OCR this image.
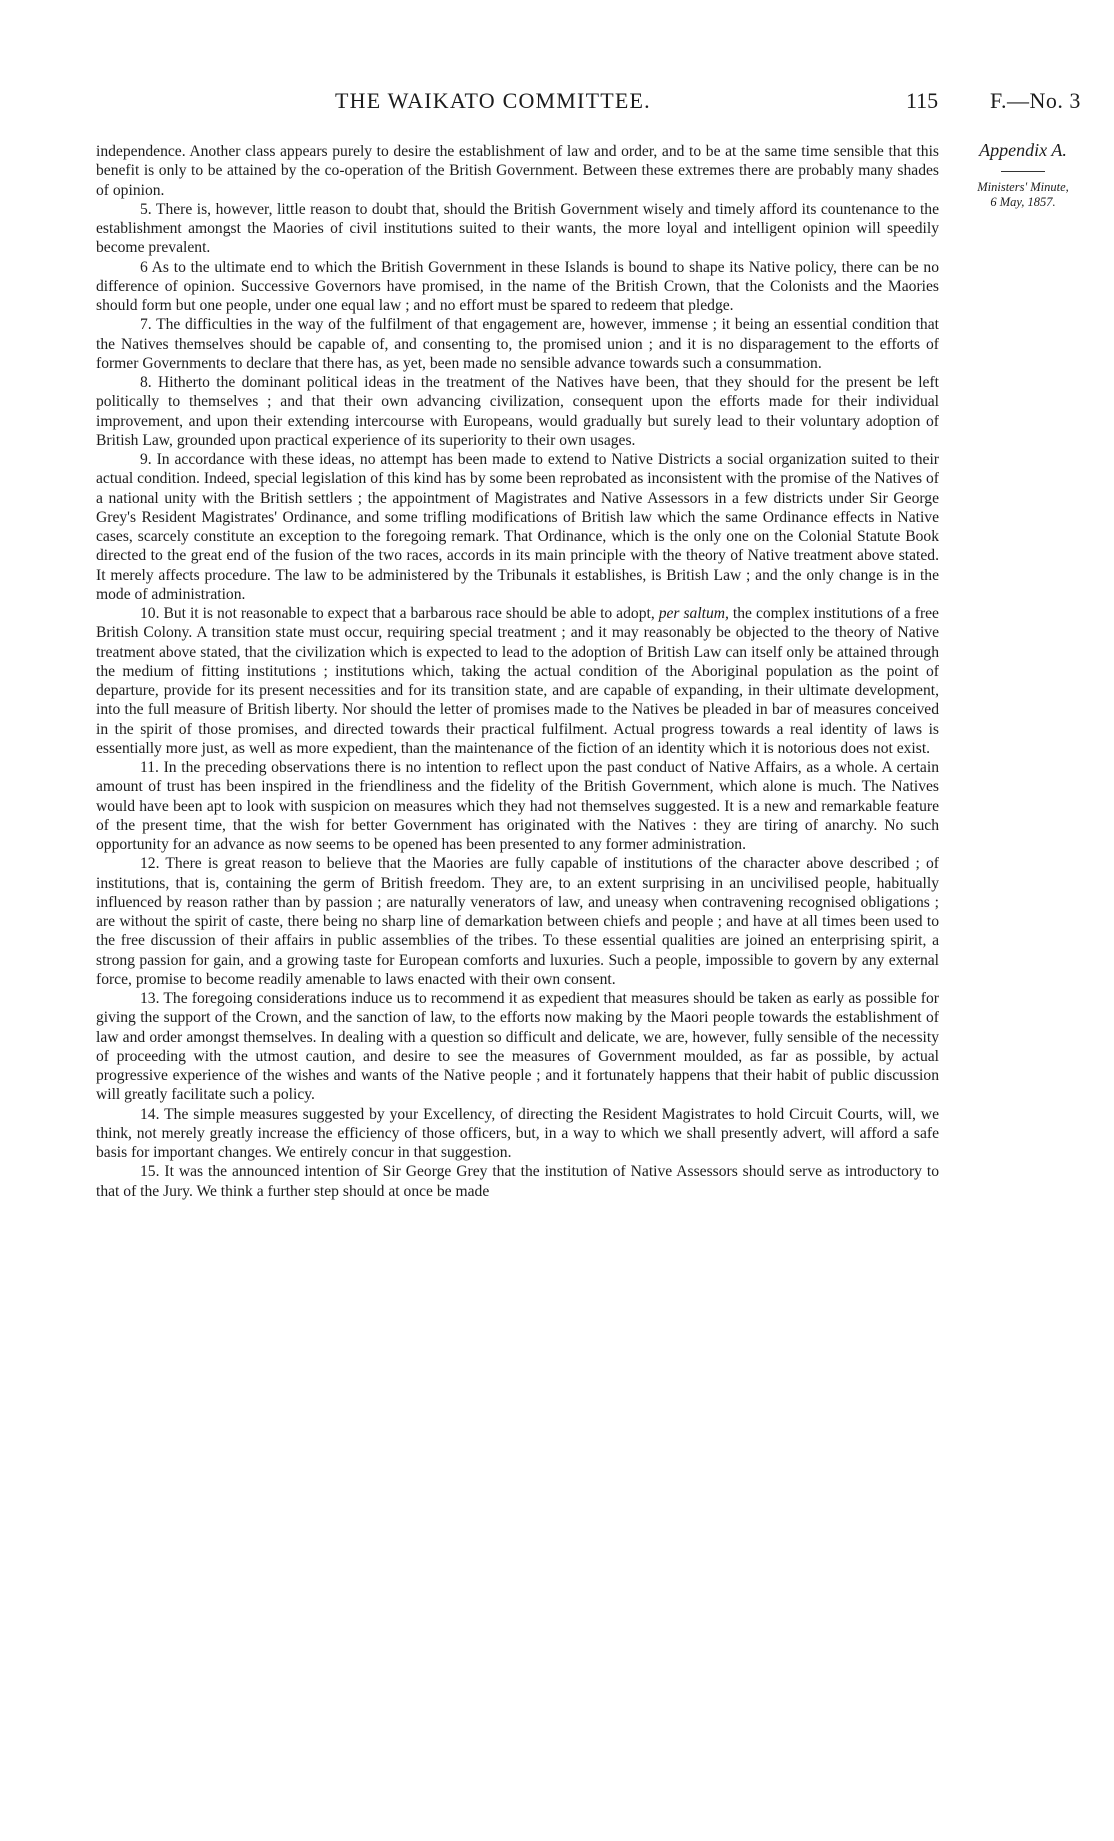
THE WAIKATO COMMITTEE.	115 F.—No. 3
Appendix A.
Ministers' Minute,
6 May, 1857.

independence. Another class appears purely to desire the establishment of law and order, and to be at the same time sensible that this benefit is only to be attained by the co-operation of the British Government. Between these extremes there are probably many shades of opinion.

5. There is, however, little reason to doubt that, should the British Government wisely and timely afford its countenance to the establishment amongst the Maories of civil institutions suited to their wants, the more loyal and intelligent opinion will speedily become prevalent.

6 As to the ultimate end to which the British Government in these Islands is bound to shape its Native policy, there can be no difference of opinion. Successive Governors have promised, in the name of the British Crown, that the Colonists and the Maories should form but one people, under one equal law ; and no effort must be spared to redeem that pledge.

7. The difficulties in the way of the fulfilment of that engagement are, however, immense ; it being an essential condition that the Natives themselves should be capable of, and consenting to, the promised union ; and it is no disparagement to the efforts of former Governments to declare that there has, as yet, been made no sensible advance towards such a consummation.

8. Hitherto the dominant political ideas in the treatment of the Natives have been, that they should for the present be left politically to themselves ; and that their own advancing civilization, consequent upon the efforts made for their individual improvement, and upon their extending intercourse with Europeans, would gradually but surely lead to their voluntary adoption of British Law, grounded upon practical experience of its superiority to their own usages.

9. In accordance with these ideas, no attempt has been made to extend to Native Districts a social organization suited to their actual condition. Indeed, special legislation of this kind has by some been reprobated as inconsistent with the promise of the Natives of a national unity with the British settlers ; the appointment of Magistrates and Native Assessors in a few districts under Sir George Grey's Resident Magistrates' Ordinance, and some trifling modifications of British law which the same Ordinance effects in Native cases, scarcely constitute an exception to the foregoing remark. That Ordinance, which is the only one on the Colonial Statute Book directed to the great end of the fusion of the two races, accords in its main principle with the theory of Native treatment above stated. It merely affects procedure. The law to be administered by the Tribunals it establishes, is British Law ; and the only change is in the mode of administration.

10. But it is not reasonable to expect that a barbarous race should be able to adopt, per saltum, the complex institutions of a free British Colony. A transition state must occur, requiring special treatment ; and it may reasonably be objected to the theory of Native treatment above stated, that the civilization which is expected to lead to the adoption of British Law can itself only be attained through the medium of fitting institutions ; institutions which, taking the actual condition of the Aboriginal population as the point of departure, provide for its present necessities and for its transition state, and are capable of expanding, in their ultimate development, into the full measure of British liberty. Nor should the letter of promises made to the Natives be pleaded in bar of measures conceived in the spirit of those promises, and directed towards their practical fulfilment. Actual progress towards a real identity of laws is essentially more just, as well as more expedient, than the maintenance of the fiction of an identity which it is notorious does not exist.

11. In the preceding observations there is no intention to reflect upon the past conduct of Native Affairs, as a whole. A certain amount of trust has been inspired in the friendliness and the fidelity of the British Government, which alone is much. The Natives would have been apt to look with suspicion on measures which they had not themselves suggested. It is a new and remarkable feature of the present time, that the wish for better Government has originated with the Natives : they are tiring of anarchy. No such opportunity for an advance as now seems to be opened has been presented to any former administration.

12. There is great reason to believe that the Maories are fully capable of institutions of the character above described ; of institutions, that is, containing the germ of British freedom. They are, to an extent surprising in an uncivilised people, habitually influenced by reason rather than by passion ; are naturally venerators of law, and uneasy when contravening recognised obligations ; are without the spirit of caste, there being no sharp line of demarkation between chiefs and people ; and have at all times been used to the free discussion of their affairs in public assemblies of the tribes. To these essential qualities are joined an enterprising spirit, a strong passion for gain, and a growing taste for European comforts and luxuries. Such a people, impossible to govern by any external force, promise to become readily amenable to laws enacted with their own consent.

13. The foregoing considerations induce us to recommend it as expedient that measures should be taken as early as possible for giving the support of the Crown, and the sanction of law, to the efforts now making by the Maori people towards the establishment of law and order amongst themselves. In dealing with a question so difficult and delicate, we are, however, fully sensible of the necessity of proceeding with the utmost caution, and desire to see the measures of Government moulded, as far as possible, by actual progressive experience of the wishes and wants of the Native people ; and it fortunately happens that their habit of public discussion will greatly facilitate such a policy.

14. The simple measures suggested by your Excellency, of directing the Resident Magistrates to hold Circuit Courts, will, we think, not merely greatly increase the efficiency of those officers, but, in a way to which we shall presently advert, will afford a safe basis for important changes. We entirely concur in that suggestion.

15. It was the announced intention of Sir George Grey that the institution of Native Assessors should serve as introductory to that of the Jury. We think a further step should at once be made
